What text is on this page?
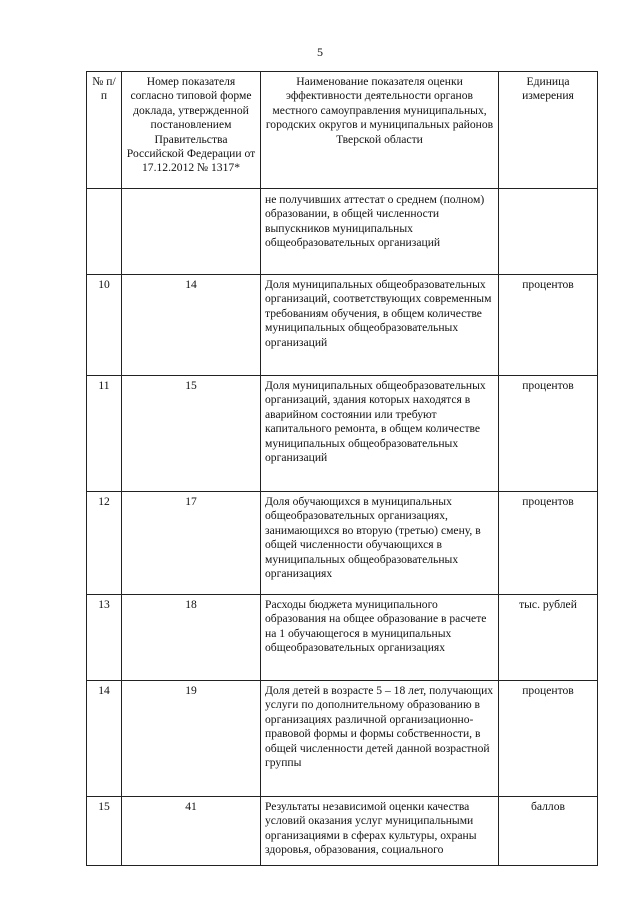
5
№ п/п	Номер показателя согласно типовой форме доклада, утвержденной постановлением Правительства Российской Федерации от 17.12.2012 № 1317*	Наименование показателя оценки эффективности деятельности органов местного самоуправления муниципальных, городских округов и муниципальных районов Тверской области	Единица измерения
		не получивших аттестат о среднем (полном) образовании, в общей численности выпускников муниципальных общеобразовательных организаций	
10	14	Доля муниципальных общеобразовательных организаций, соответствующих современным требованиям обучения, в общем количестве муниципальных общеобразовательных организаций	процентов
11	15	Доля муниципальных общеобразовательных организаций, здания которых находятся в аварийном состоянии или требуют капитального ремонта, в общем количестве муниципальных общеобразовательных организаций	процентов
12	17	Доля обучающихся в муниципальных общеобразовательных организациях, занимающихся во вторую (третью) смену, в общей численности обучающихся в муниципальных общеобразовательных организациях	процентов
13	18	Расходы бюджета муниципального образования на общее образование в расчете на 1 обучающегося в муниципальных общеобразовательных организациях	тыс. рублей
14	19	Доля детей в возрасте 5 – 18 лет, получающих услуги по дополнительному образованию в организациях различной организационно-правовой формы и формы собственности, в общей численности детей данной возрастной группы	процентов
15	41	Результаты независимой оценки качества условий оказания услуг муниципальными организациями в сферах культуры, охраны здоровья, образования, социального	баллов
